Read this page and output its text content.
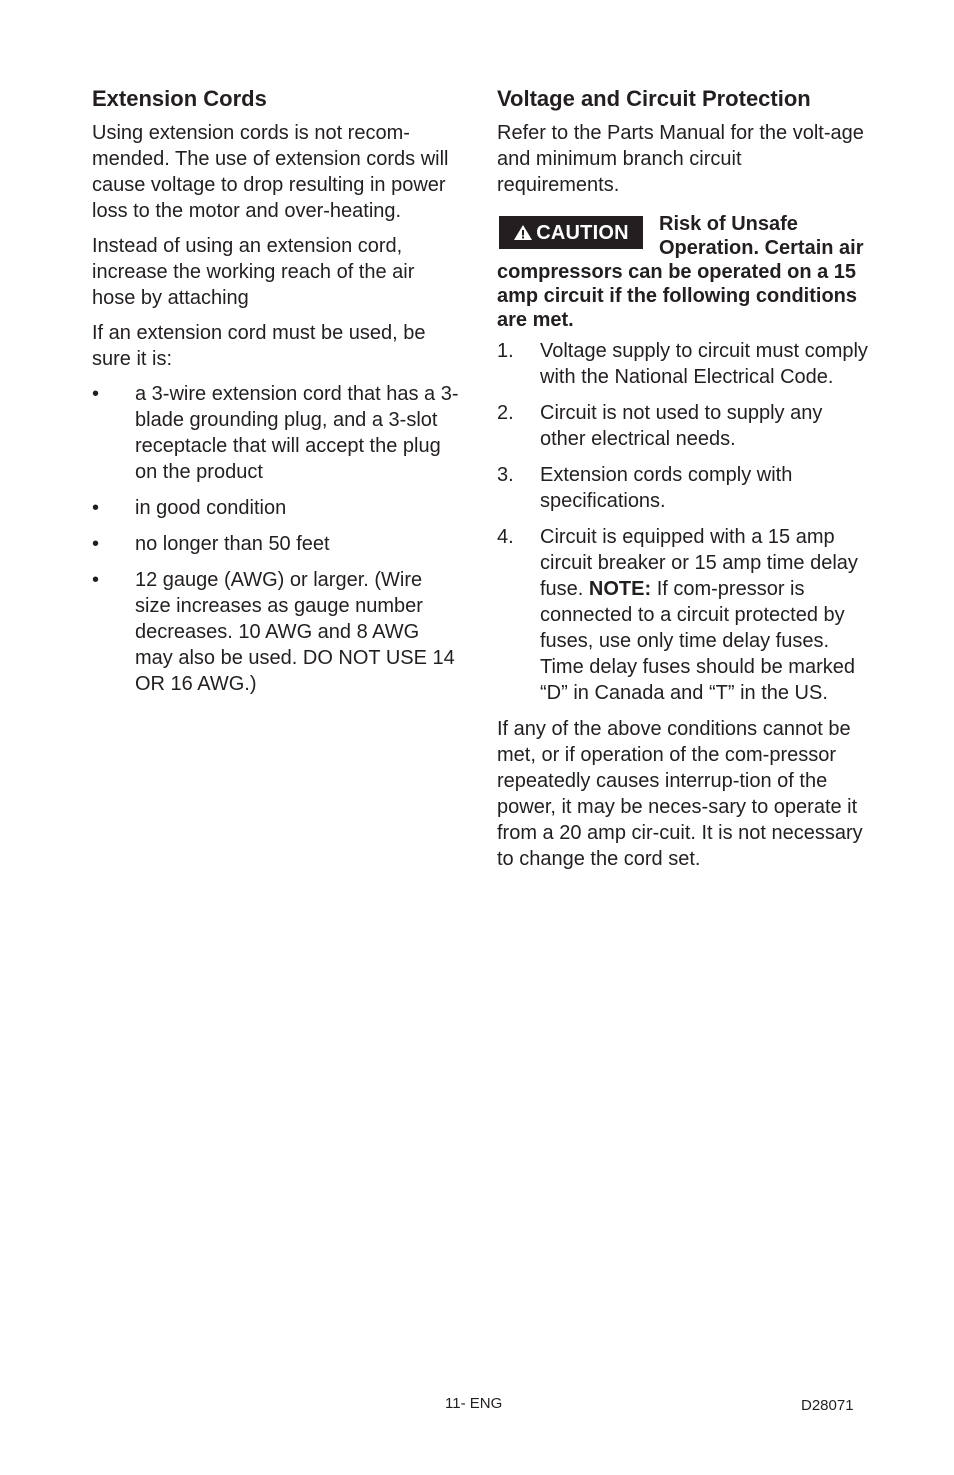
Extension Cords

Using extension cords is not recom-mended. The use of extension cords will cause voltage to drop resulting in power loss to the motor and over-heating.

Instead of using an extension cord, increase the working reach of the air hose by attaching

If an extension cord must be used, be sure it is:

• a 3-wire extension cord that has a 3-blade grounding plug, and a 3-slot receptacle that will accept the plug on the product
• in good condition
• no longer than 50 feet
• 12 gauge (AWG) or larger. (Wire size increases as gauge number decreases. 10 AWG and 8 AWG may also be used. DO NOT USE 14 OR 16 AWG.)
Voltage and Circuit Protection

Refer to the Parts Manual for the volt-age and minimum branch circuit requirements.

CAUTION	Risk of Unsafe Operation. Certain air compressors can be operated on a 15 amp circuit if the following conditions are met.
1. Voltage supply to circuit must comply with the National Electrical Code.
2. Circuit is not used to supply any other electrical needs.
3. Extension cords comply with specifications.
4. Circuit is equipped with a 15 amp circuit breaker or 15 amp time delay fuse. NOTE: If com-pressor is connected to a circuit protected by fuses, use only time delay fuses. Time delay fuses should be marked “D” in Canada and “T” in the US.

If any of the above conditions cannot be met, or if operation of the com-pressor repeatedly causes interrup-tion of the power, it may be neces-sary to operate it from a 20 amp cir-cuit. It is not necessary to change the cord set.

11- ENG	D28071
